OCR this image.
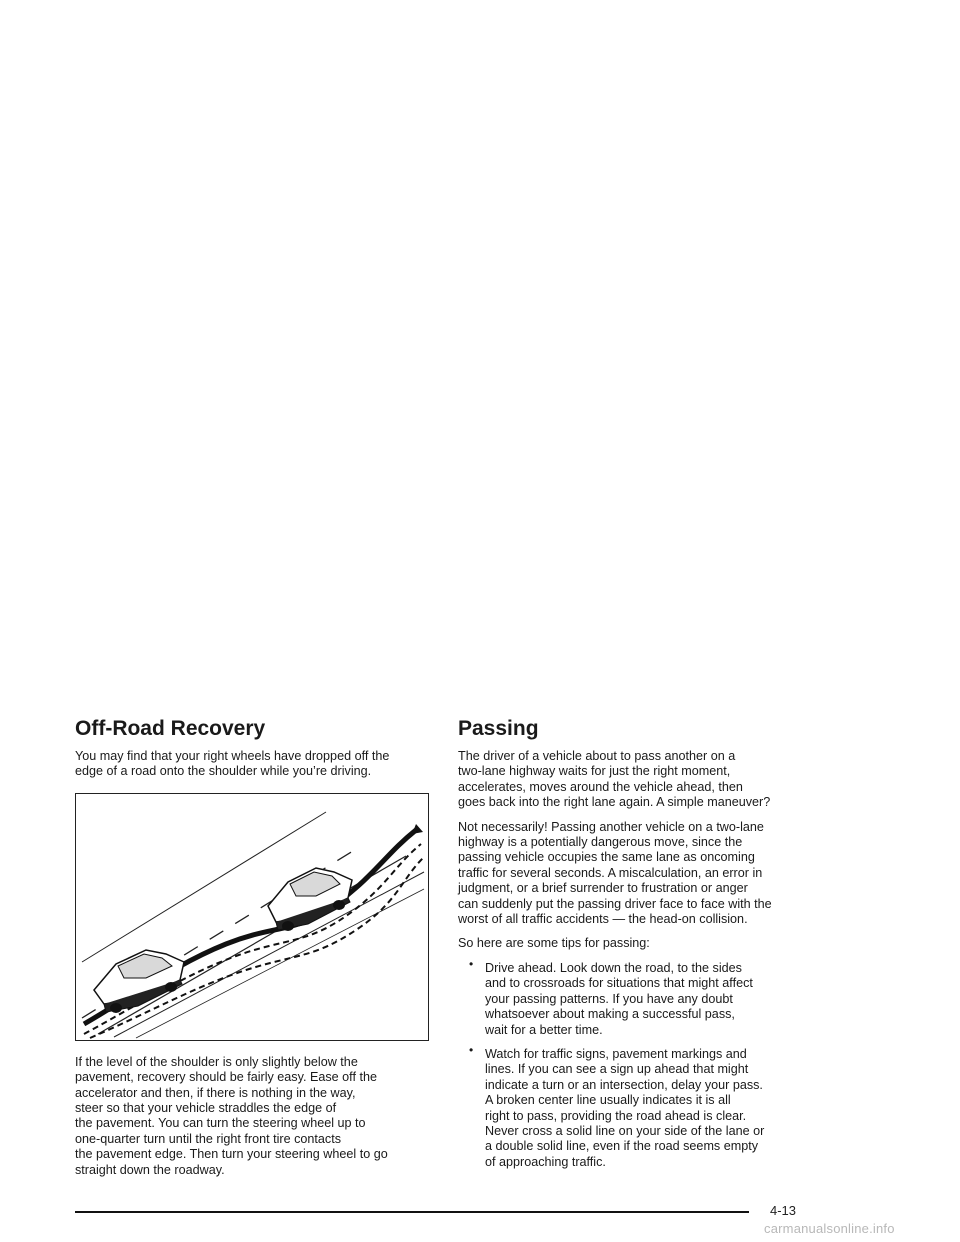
Off-Road Recovery

You may find that your right wheels have dropped off the
edge of a road onto the shoulder while you’re driving.

If the level of the shoulder is only slightly below the
pavement, recovery should be fairly easy. Ease off the
accelerator and then, if there is nothing in the way,
steer so that your vehicle straddles the edge of
the pavement. You can turn the steering wheel up to
one-quarter turn until the right front tire contacts
the pavement edge. Then turn your steering wheel to go
straight down the roadway.

Passing

The driver of a vehicle about to pass another on a
two-lane highway waits for just the right moment,
accelerates, moves around the vehicle ahead, then
goes back into the right lane again. A simple maneuver?

Not necessarily! Passing another vehicle on a two-lane
highway is a potentially dangerous move, since the
passing vehicle occupies the same lane as oncoming
traffic for several seconds. A miscalculation, an error in
judgment, or a brief surrender to frustration or anger
can suddenly put the passing driver face to face with the
worst of all traffic accidents — the head-on collision.

So here are some tips for passing:

• Drive ahead. Look down the road, to the sides
and to crossroads for situations that might affect
your passing patterns. If you have any doubt
whatsoever about making a successful pass,
wait for a better time.
• Watch for traffic signs, pavement markings and
lines. If you can see a sign up ahead that might
indicate a turn or an intersection, delay your pass.
A broken center line usually indicates it is all
right to pass, providing the road ahead is clear.
Never cross a solid line on your side of the lane or
a double solid line, even if the road seems empty
of approaching traffic.
4-13
carmanualsonline.info
